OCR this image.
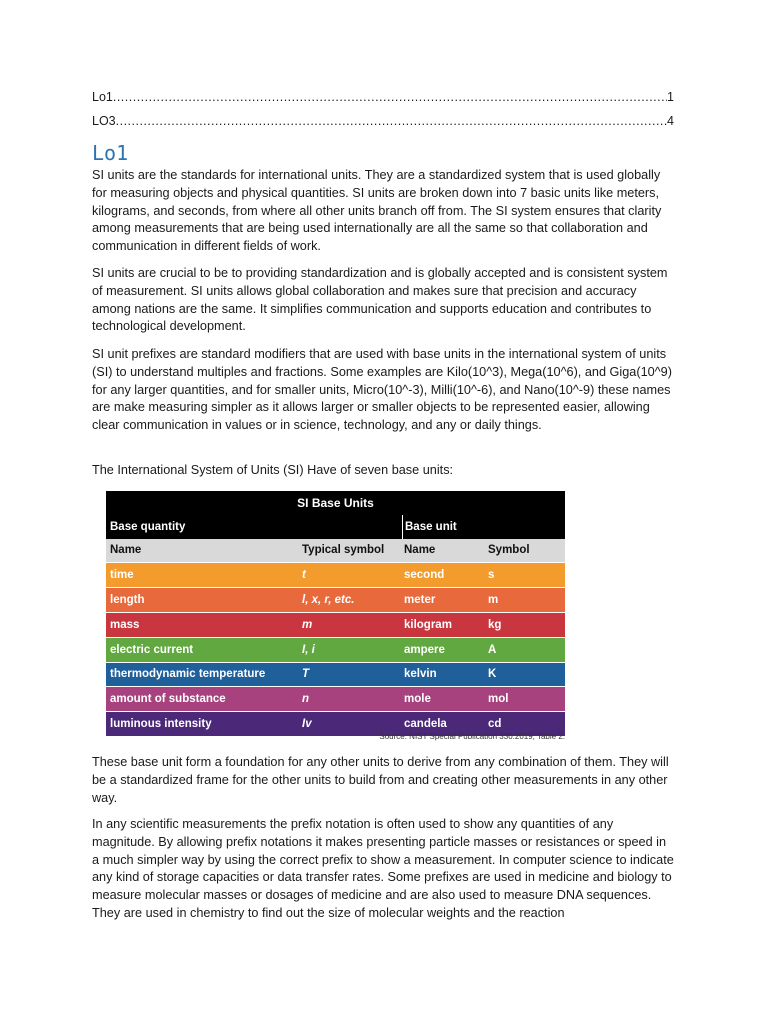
Lo1 .....	1
LO3 .....	4
Lo1

SI units are the standards for international units. They are a standardized system that is used globally for measuring objects and physical quantities. SI units are broken down into 7 basic units like meters, kilograms, and seconds, from where all other units branch off from. The SI system ensures that clarity among measurements that are being used internationally are all the same so that collaboration and communication in different fields of work.

SI units are crucial to be to providing standardization and is globally accepted and is consistent system of measurement. SI units allows global collaboration and makes sure that precision and accuracy among nations are the same. It simplifies communication and supports education and contributes to technological development.

SI unit prefixes are standard modifiers that are used with base units in the international system of units (SI) to understand multiples and fractions. Some examples are Kilo(10^3), Mega(10^6), and Giga(10^9) for any larger quantities, and for smaller units, Micro(10^-3), Milli(10^-6), and Nano(10^-9) these names are make measuring simpler as it allows larger or smaller objects to be represented easier, allowing clear communication in values or in science, technology, and any or daily things.

The International System of Units (SI) Have of seven base units:

SI Base Units
Base quantity	Base unit
Name	Typical symbol	Name	Symbol
time	t	second	s
length	l, x, r, etc.	meter	m
mass	m	kilogram	kg
electric current	I, i	ampere	A
thermodynamic temperature	T	kelvin	K
amount of substance	n	mole	mol
luminous intensity	Iv	candela	cd
Source: NIST Special Publication 330:2019, Table 2.

These base unit form a foundation for any other units to derive from any combination of them. They will be a standardized frame for the other units to build from and creating other measurements in any other way.

In any scientific measurements the prefix notation is often used to show any quantities of any magnitude. By allowing prefix notations it makes presenting particle masses or resistances or speed in a much simpler way by using the correct prefix to show a measurement. In computer science to indicate any kind of storage capacities or data transfer rates. Some prefixes are used in medicine and biology to measure molecular masses or dosages of medicine and are also used to measure DNA sequences. They are used in chemistry to find out the size of molecular weights and the reaction
